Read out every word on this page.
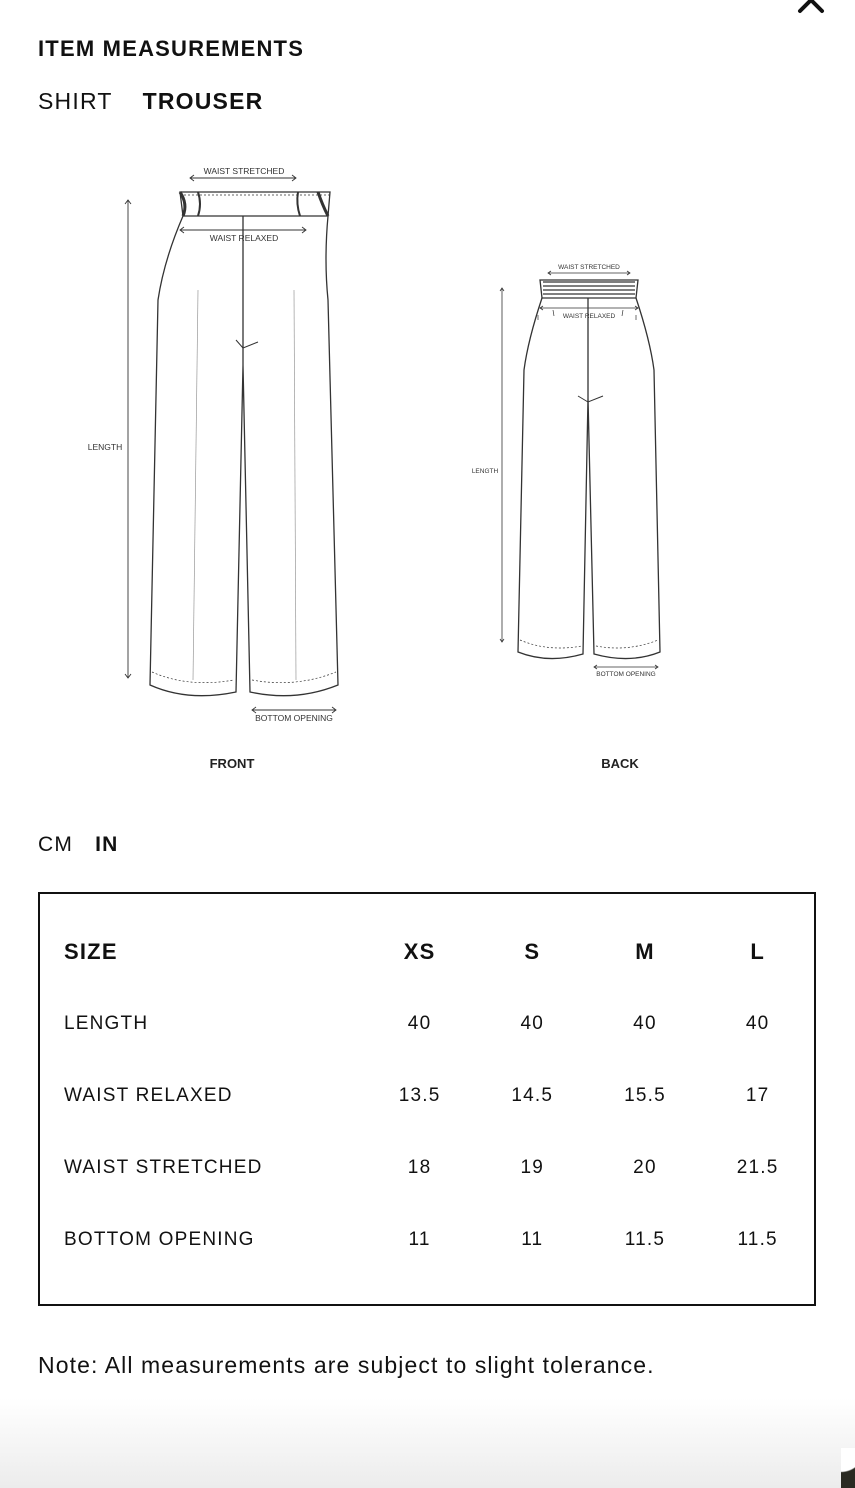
ITEM MEASUREMENTS
SHIRT TROUSER
WAIST STRETCHED
WAIST RELAXED
LENGTH
BOTTOM OPENING
FRONT
WAIST STRETCHED
WAIST RELAXED
LENGTH
BOTTOM OPENING
BACK
CM IN
SIZE	XS	S	M	L
LENGTH	40	40	40	40
WAIST RELAXED	13.5	14.5	15.5	17
WAIST STRETCHED	18	19	20	21.5
BOTTOM OPENING	11	11	11.5	11.5
Note: All measurements are subject to slight tolerance.
